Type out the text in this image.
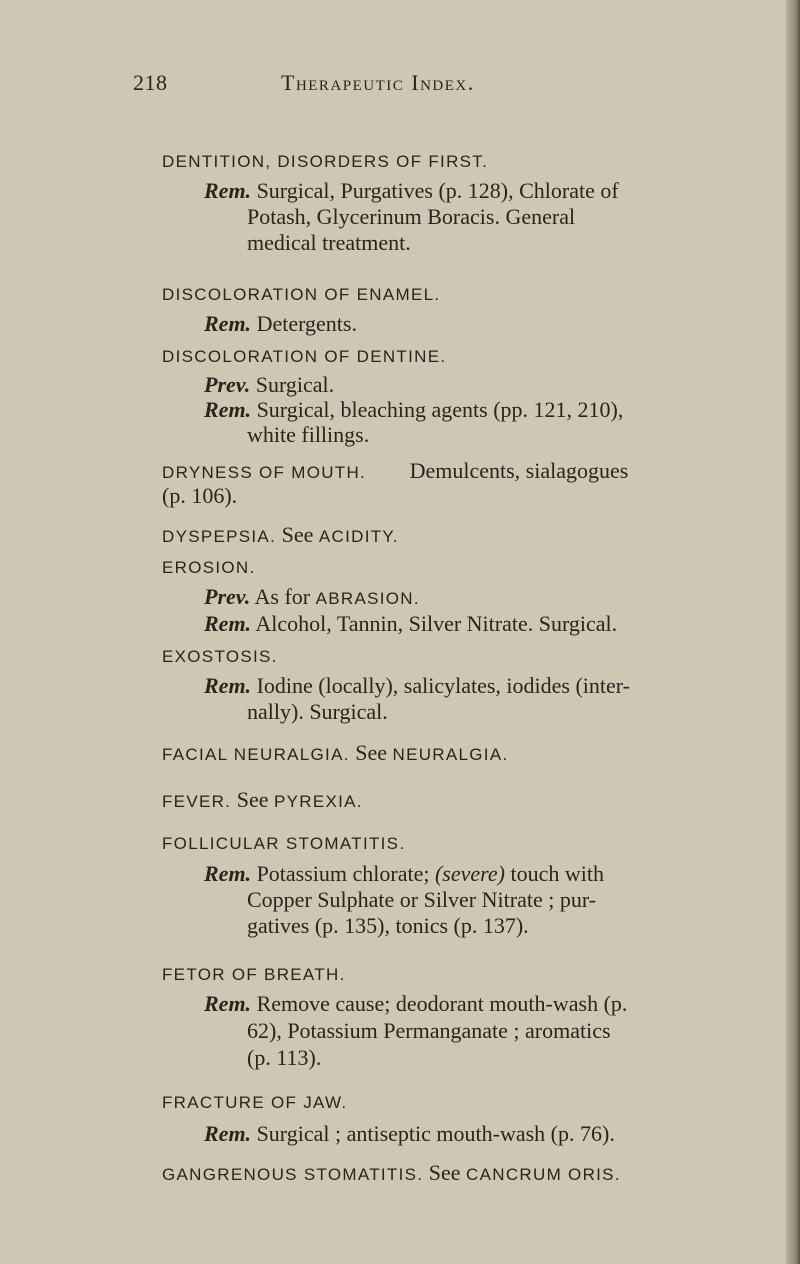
218	Therapeutic Index.
DENTITION, DISORDERS OF FIRST.
Rem. Surgical, Purgatives (p. 128), Chlorate of
Potash, Glycerinum Boracis. General
medical treatment.
DISCOLORATION OF ENAMEL.
Rem. Detergents.
DISCOLORATION OF DENTINE.
Prev. Surgical.
Rem. Surgical, bleaching agents (pp. 121, 210),
white fillings.
DRYNESS OF MOUTH. Demulcents, sialagogues
(p. 106).
DYSPEPSIA. See ACIDITY.
EROSION.
Prev. As for ABRASION.
Rem. Alcohol, Tannin, Silver Nitrate. Surgical.
EXOSTOSIS.
Rem. Iodine (locally), salicylates, iodides (inter-
nally). Surgical.
FACIAL NEURALGIA. See NEURALGIA.
FEVER. See PYREXIA.
FOLLICULAR STOMATITIS.
Rem. Potassium chlorate; (severe) touch with
Copper Sulphate or Silver Nitrate ; pur-
gatives (p. 135), tonics (p. 137).
FETOR OF BREATH.
Rem. Remove cause; deodorant mouth-wash (p.
62), Potassium Permanganate ; aromatics
(p. 113).
FRACTURE OF JAW.
Rem. Surgical ; antiseptic mouth-wash (p. 76).
GANGRENOUS STOMATITIS. See CANCRUM ORIS.
